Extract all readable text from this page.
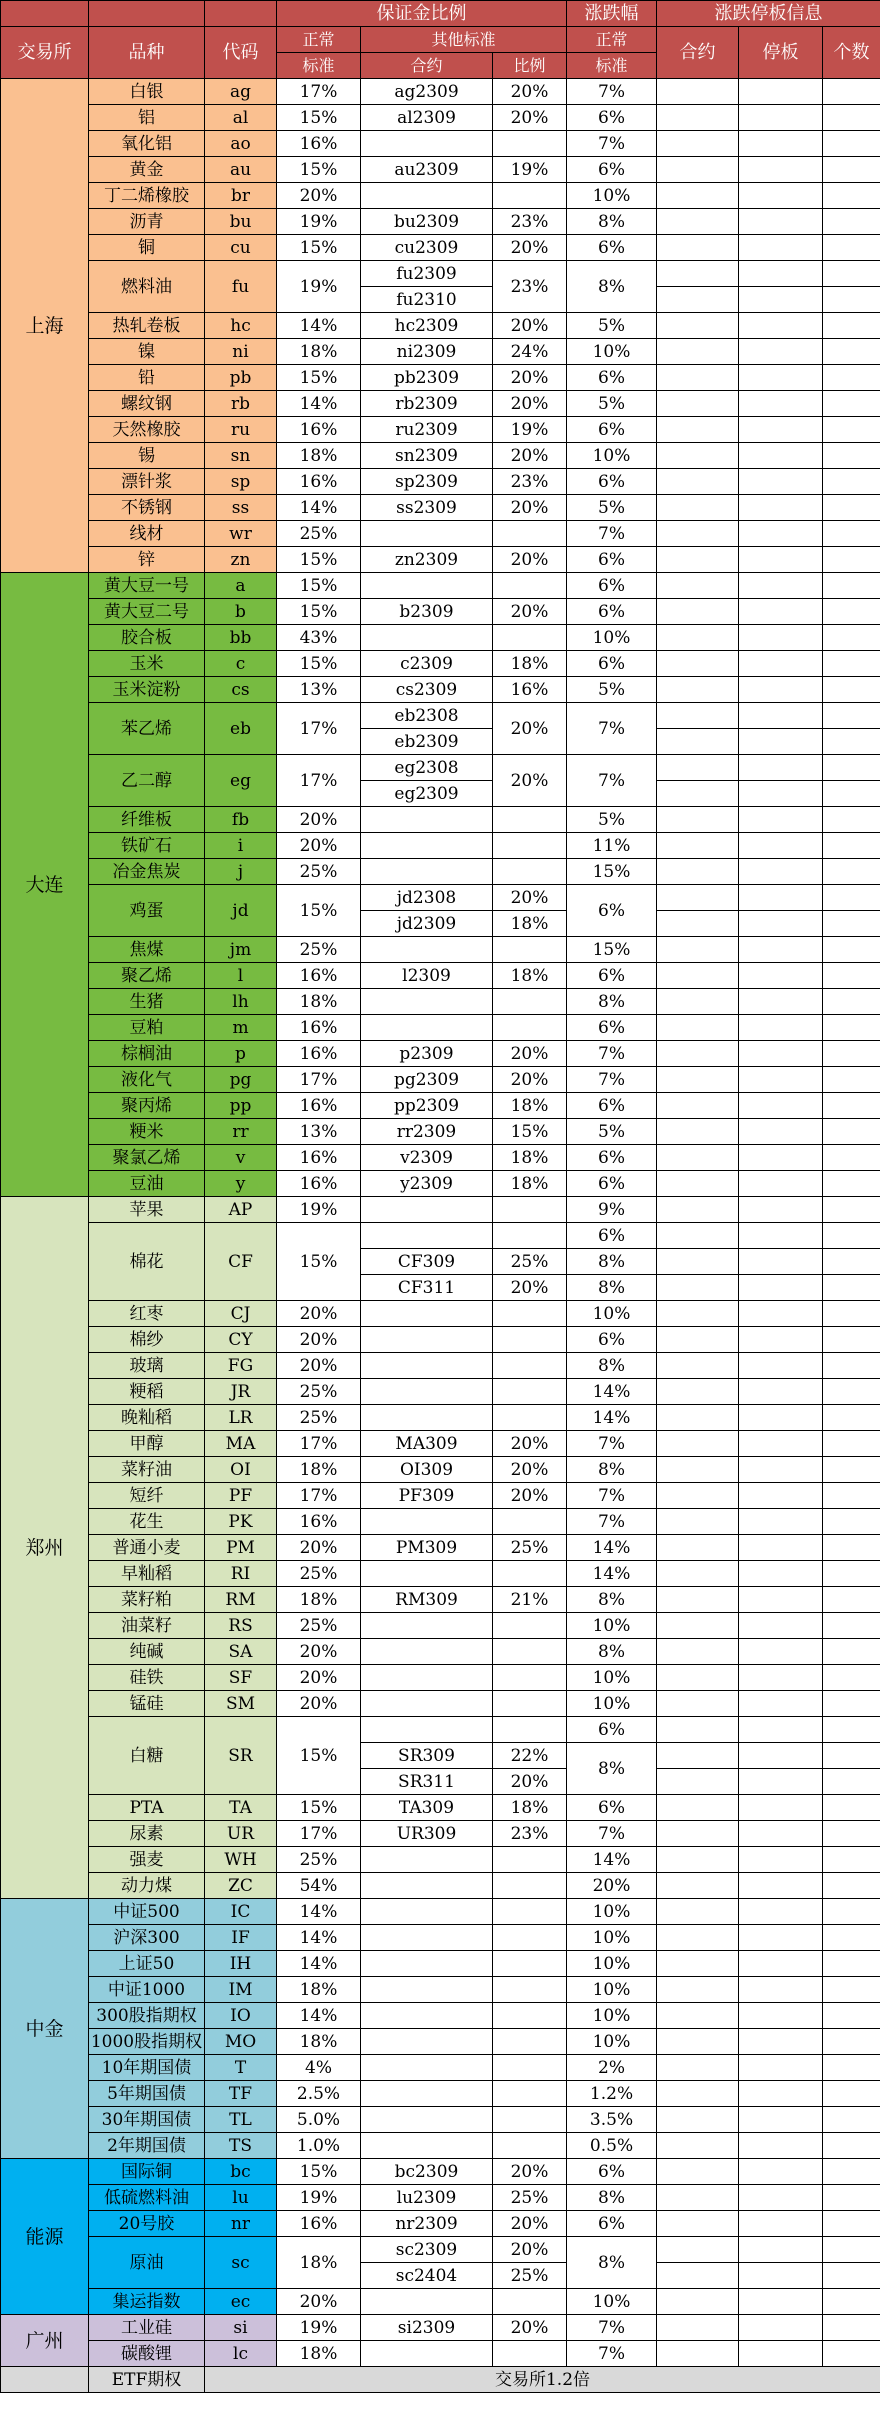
			保证金比例			涨跌幅	涨跌停板信息		
交易所	品种	代码	正常	其他标准		正常	合约	停板	个数
			标准	合约	比例	标准			
上海	白银	ag	17%	ag2309	20%	7%			
	铝	al	15%	al2309	20%	6%			
	氧化铝	ao	16%			7%			
	黄金	au	15%	au2309	19%	6%			
	丁二烯橡胶	br	20%			10%			
	沥青	bu	19%	bu2309	23%	8%			
	铜	cu	15%	cu2309	20%	6%			
	燃料油	fu	19%	fu2309	23%	8%			
				fu2310					
	热轧卷板	hc	14%	hc2309	20%	5%			
	镍	ni	18%	ni2309	24%	10%			
	铅	pb	15%	pb2309	20%	6%			
	螺纹钢	rb	14%	rb2309	20%	5%			
	天然橡胶	ru	16%	ru2309	19%	6%			
	锡	sn	18%	sn2309	20%	10%			
	漂针浆	sp	16%	sp2309	23%	6%			
	不锈钢	ss	14%	ss2309	20%	5%			
	线材	wr	25%			7%			
	锌	zn	15%	zn2309	20%	6%			
大连	黄大豆一号	a	15%			6%			
	黄大豆二号	b	15%	b2309	20%	6%			
	胶合板	bb	43%			10%			
	玉米	c	15%	c2309	18%	6%			
	玉米淀粉	cs	13%	cs2309	16%	5%			
	苯乙烯	eb	17%	eb2308	20%	7%			
				eb2309					
	乙二醇	eg	17%	eg2308	20%	7%			
				eg2309					
	纤维板	fb	20%			5%			
	铁矿石	i	20%			11%			
	冶金焦炭	j	25%			15%			
	鸡蛋	jd	15%	jd2308	20%	6%			
				jd2309	18%				
	焦煤	jm	25%			15%			
	聚乙烯	l	16%	l2309	18%	6%			
	生猪	lh	18%			8%			
	豆粕	m	16%			6%			
	棕榈油	p	16%	p2309	20%	7%			
	液化气	pg	17%	pg2309	20%	7%			
	聚丙烯	pp	16%	pp2309	18%	6%			
	粳米	rr	13%	rr2309	15%	5%			
	聚氯乙烯	v	16%	v2309	18%	6%			
	豆油	y	16%	y2309	18%	6%			
郑州	苹果	AP	19%			9%			
	棉花	CF	15%			6%			
				CF309	25%	8%			
				CF311	20%	8%			
	红枣	CJ	20%			10%			
	棉纱	CY	20%			6%			
	玻璃	FG	20%			8%			
	粳稻	JR	25%			14%			
	晚籼稻	LR	25%			14%			
	甲醇	MA	17%	MA309	20%	7%			
	菜籽油	OI	18%	OI309	20%	8%			
	短纤	PF	17%	PF309	20%	7%			
	花生	PK	16%			7%			
	普通小麦	PM	20%	PM309	25%	14%			
	早籼稻	RI	25%			14%			
	菜籽粕	RM	18%	RM309	21%	8%			
	油菜籽	RS	25%			10%			
	纯碱	SA	20%			8%			
	硅铁	SF	20%			10%			
	锰硅	SM	20%			10%			
	白糖	SR	15%			6%			
				SR309	22%	8%			
				SR311	20%				
	PTA	TA	15%	TA309	18%	6%			
	尿素	UR	17%	UR309	23%	7%			
	强麦	WH	25%			14%			
	动力煤	ZC	54%			20%			
中金	中证500	IC	14%			10%			
	沪深300	IF	14%			10%			
	上证50	IH	14%			10%			
	中证1000	IM	18%			10%			
	300股指期权	IO	14%			10%			
	1000股指期权	MO	18%			10%			
	10年期国债	T	4%			2%			
	5年期国债	TF	2.5%			1.2%			
	30年期国债	TL	5.0%			3.5%			
	2年期国债	TS	1.0%			0.5%			
能源	国际铜	bc	15%	bc2309	20%	6%			
	低硫燃料油	lu	19%	lu2309	25%	8%			
	20号胶	nr	16%	nr2309	20%	6%			
	原油	sc	18%	sc2309	20%	8%			
				sc2404	25%				
	集运指数	ec	20%			10%			
广州	工业硅	si	19%	si2309	20%	7%			
	碳酸锂	lc	18%			7%			
	ETF期权	交易所1.2倍							
